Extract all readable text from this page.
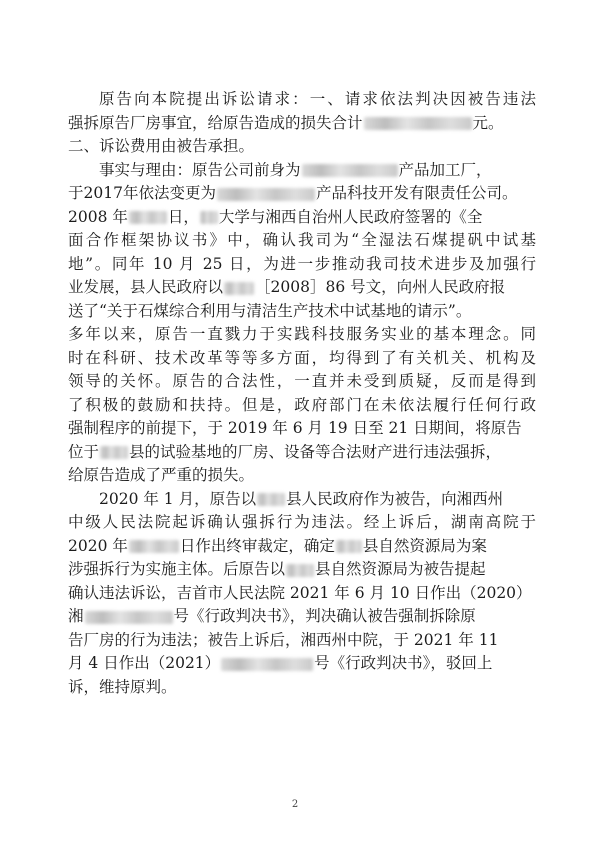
原告向本院提出诉讼请求：一、请求依法判决因被告违法
强拆原告厂房事宜，给原告造成的损失合计	元。
二、诉讼费用由被告承担。
事实与理由：原告公司前身为	产品加工厂，
于2017年依法变更为	产品科技开发有限责任公司。
2008 年	日， 大学与湘西自治州人民政府签署的《全
面合作框架协议书》中，确认我司为“全湿法石煤提矾中试基
地”。同年 10 月 25 日，为进一步推动我司技术进步及加强行
业发展，县人民政府以 ［2008］86 号文，向州人民政府报
送了“关于石煤综合利用与清洁生产技术中试基地的请示”。
多年以来，原告一直戮力于实践科技服务实业的基本理念。同
时在科研、技术改革等等多方面，均得到了有关机关、机构及
领导的关怀。原告的合法性，一直并未受到质疑，反而是得到
了积极的鼓励和扶持。但是，政府部门在未依法履行任何行政
强制程序的前提下，于 2019 年 6 月 19 日至 21 日期间，将原告
位于 县的试验基地的厂房、设备等合法财产进行违法强拆，
给原告造成了严重的损失。
2020 年 1 月，原告以 县人民政府作为被告，向湘西州
中级人民法院起诉确认强拆行为违法。经上诉后，湖南高院于
2020 年	日作出终审裁定，确定 县自然资源局为案
涉强拆行为实施主体。后原告以 县自然资源局为被告提起
确认违法诉讼，吉首市人民法院 2021 年 6 月 10 日作出（2020）
湘	号《行政判决书》，判决确认被告强制拆除原
告厂房的行为违法；被告上诉后，湘西州中院，于 2021 年 11
月 4 日作出（2021）	号《行政判决书》，驳回上
诉，维持原判。
2
